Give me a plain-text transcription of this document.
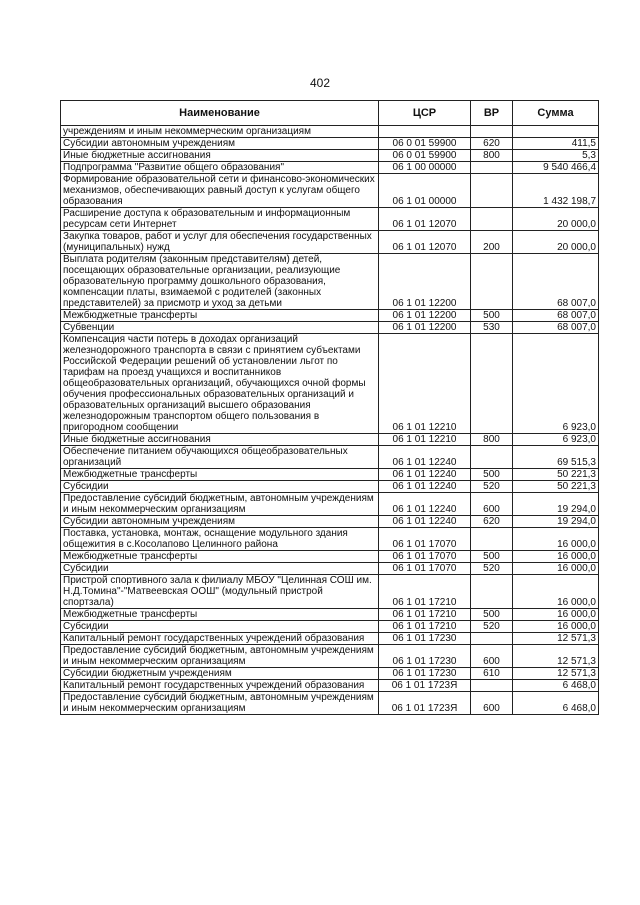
402
Наименование	ЦСР	ВР	Сумма
учреждениям и иным некоммерческим организациям			
Субсидии автономным учреждениям	06 0 01 59900	620	411,5
Иные бюджетные ассигнования	06 0 01 59900	800	5,3
Подпрограмма "Развитие общего образования"	06 1 00 00000		9 540 466,4
Формирование образовательной сети и финансово-экономических механизмов, обеспечивающих равный доступ к услугам общего образования	06 1 01 00000		1 432 198,7
Расширение доступа к образовательным и информационным ресурсам сети Интернет	06 1 01 12070		20 000,0
Закупка товаров, работ и услуг для обеспечения государственных (муниципальных) нужд	06 1 01 12070	200	20 000,0
Выплата родителям (законным представителям) детей, посещающих образовательные организации, реализующие образовательную программу дошкольного образования, компенсации платы, взимаемой с родителей (законных представителей) за присмотр и уход за детьми	06 1 01 12200		68 007,0
Межбюджетные трансферты	06 1 01 12200	500	68 007,0
Субвенции	06 1 01 12200	530	68 007,0
Компенсация части потерь в доходах организаций железнодорожного транспорта в связи с принятием субъектами Российской Федерации решений об установлении льгот по тарифам на проезд учащихся и воспитанников общеобразовательных организаций, обучающихся очной формы обучения профессиональных образовательных организаций и образовательных организаций высшего образования железнодорожным транспортом общего пользования в пригородном сообщении	06 1 01 12210		6 923,0
Иные бюджетные ассигнования	06 1 01 12210	800	6 923,0
Обеспечение питанием обучающихся общеобразовательных организаций	06 1 01 12240		69 515,3
Межбюджетные трансферты	06 1 01 12240	500	50 221,3
Субсидии	06 1 01 12240	520	50 221,3
Предоставление субсидий бюджетным, автономным учреждениям и иным некоммерческим организациям	06 1 01 12240	600	19 294,0
Субсидии автономным учреждениям	06 1 01 12240	620	19 294,0
Поставка, установка, монтаж, оснащение модульного здания общежития в с.Косолапово Целинного района	06 1 01 17070		16 000,0
Межбюджетные трансферты	06 1 01 17070	500	16 000,0
Субсидии	06 1 01 17070	520	16 000,0
Пристрой спортивного зала к филиалу МБОУ "Целинная СОШ им. Н.Д.Томина"-"Матвеевская ООШ" (модульный пристрой спортзала)	06 1 01 17210		16 000,0
Межбюджетные трансферты	06 1 01 17210	500	16 000,0
Субсидии	06 1 01 17210	520	16 000,0
Капитальный ремонт государственных учреждений образования	06 1 01 17230		12 571,3
Предоставление субсидий бюджетным, автономным учреждениям и иным некоммерческим организациям	06 1 01 17230	600	12 571,3
Субсидии бюджетным учреждениям	06 1 01 17230	610	12 571,3
Капитальный ремонт государственных учреждений образования	06 1 01 1723Я		6 468,0
Предоставление субсидий бюджетным, автономным учреждениям и иным некоммерческим организациям	06 1 01 1723Я	600	6 468,0
